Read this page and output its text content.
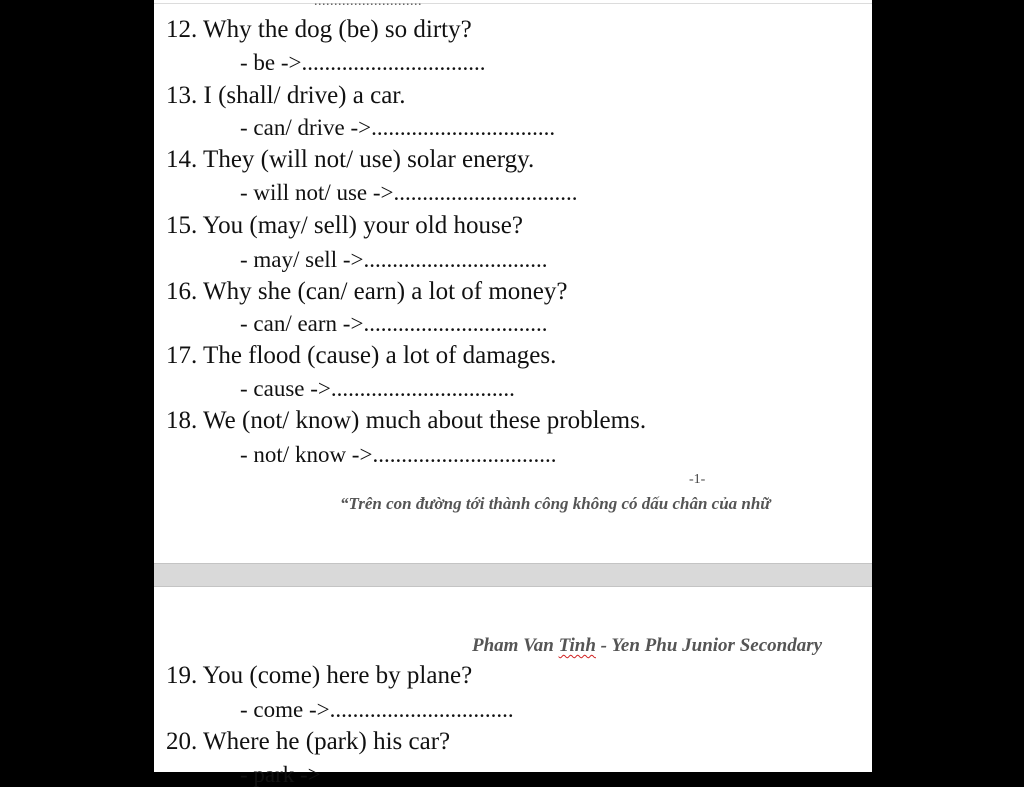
...........................
12. Why the dog (be) so dirty?
- be ->................................
13. I (shall/ drive) a car.
- can/ drive ->................................
14. They (will not/ use) solar energy.
- will not/ use ->................................
15. You (may/ sell) your old house?
- may/ sell ->................................
16. Why she (can/ earn) a lot of money?
- can/ earn ->................................
17. The flood (cause) a lot of damages.
- cause ->................................
18. We (not/ know) much about these problems.
- not/ know ->................................
-1-
“Trên con đường tới thành công không có dấu chân của nhữ
Pham Van Tinh - Yen Phu Junior Secondary
19. You (come) here by plane?
- come ->................................
20. Where he (park) his car?
- park ->
